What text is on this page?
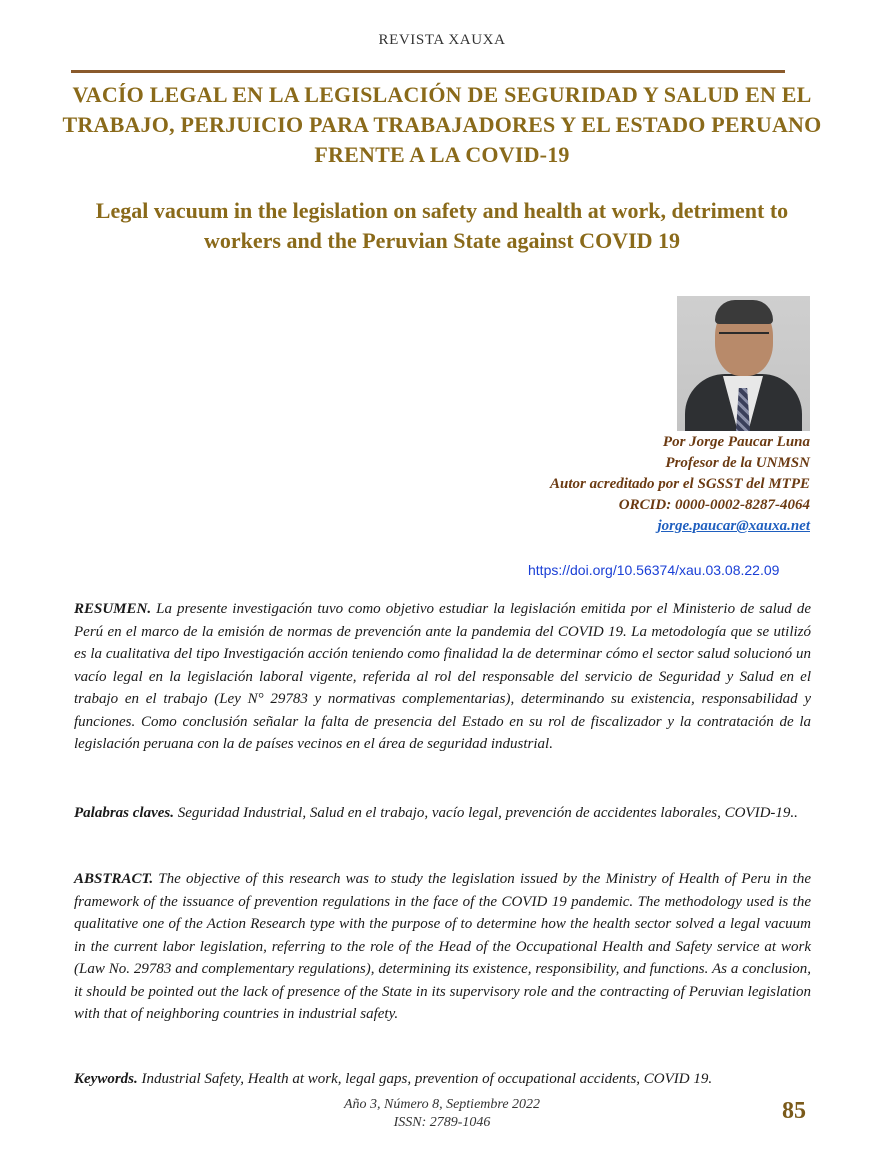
REVISTA XAUXA
VACÍO LEGAL EN LA LEGISLACIÓN DE SEGURIDAD Y SALUD EN EL TRABAJO, PERJUICIO PARA TRABAJADORES Y EL ESTADO PERUANO FRENTE A LA COVID-19
Legal vacuum in the legislation on safety and health at work, detriment to workers and the Peruvian State against COVID 19
Por Jorge Paucar Luna
Profesor de la UNMSN
Autor acreditado por el SGSST del MTPE
ORCID: 0000-0002-8287-4064
jorge.paucar@xauxa.net
https://doi.org/10.56374/xau.03.08.22.09
RESUMEN. La presente investigación tuvo como objetivo estudiar la legislación emitida por el Ministerio de salud de Perú en el marco de la emisión de normas de prevención ante la pandemia del COVID 19. La metodología que se utilizó es la cualitativa del tipo Investigación acción teniendo como finalidad la de determinar cómo el sector salud solucionó un vacío legal en la legislación laboral vigente, referida al rol del responsable del servicio de Seguridad y Salud en el trabajo en el trabajo (Ley N° 29783 y normativas complementarias), determinando su existencia, responsabilidad y funciones. Como conclusión señalar la falta de presencia del Estado en su rol de fiscalizador y la contratación de la legislación peruana con la de países vecinos en el área de seguridad industrial.
Palabras claves. Seguridad Industrial, Salud en el trabajo, vacío legal, prevención de accidentes laborales, COVID-19..
ABSTRACT. The objective of this research was to study the legislation issued by the Ministry of Health of Peru in the framework of the issuance of prevention regulations in the face of the COVID 19 pandemic. The methodology used is the qualitative one of the Action Research type with the purpose of to determine how the health sector solved a legal vacuum in the current labor legislation, referring to the role of the Head of the Occupational Health and Safety service at work (Law No. 29783 and complementary regulations), determining its existence, responsibility, and functions. As a conclusion, it should be pointed out the lack of presence of the State in its supervisory role and the contracting of Peruvian legislation with that of neighboring countries in industrial safety.
Keywords. Industrial Safety, Health at work, legal gaps, prevention of occupational accidents, COVID 19.
Año 3, Número 8, Septiembre 2022
ISSN: 2789-1046	85
